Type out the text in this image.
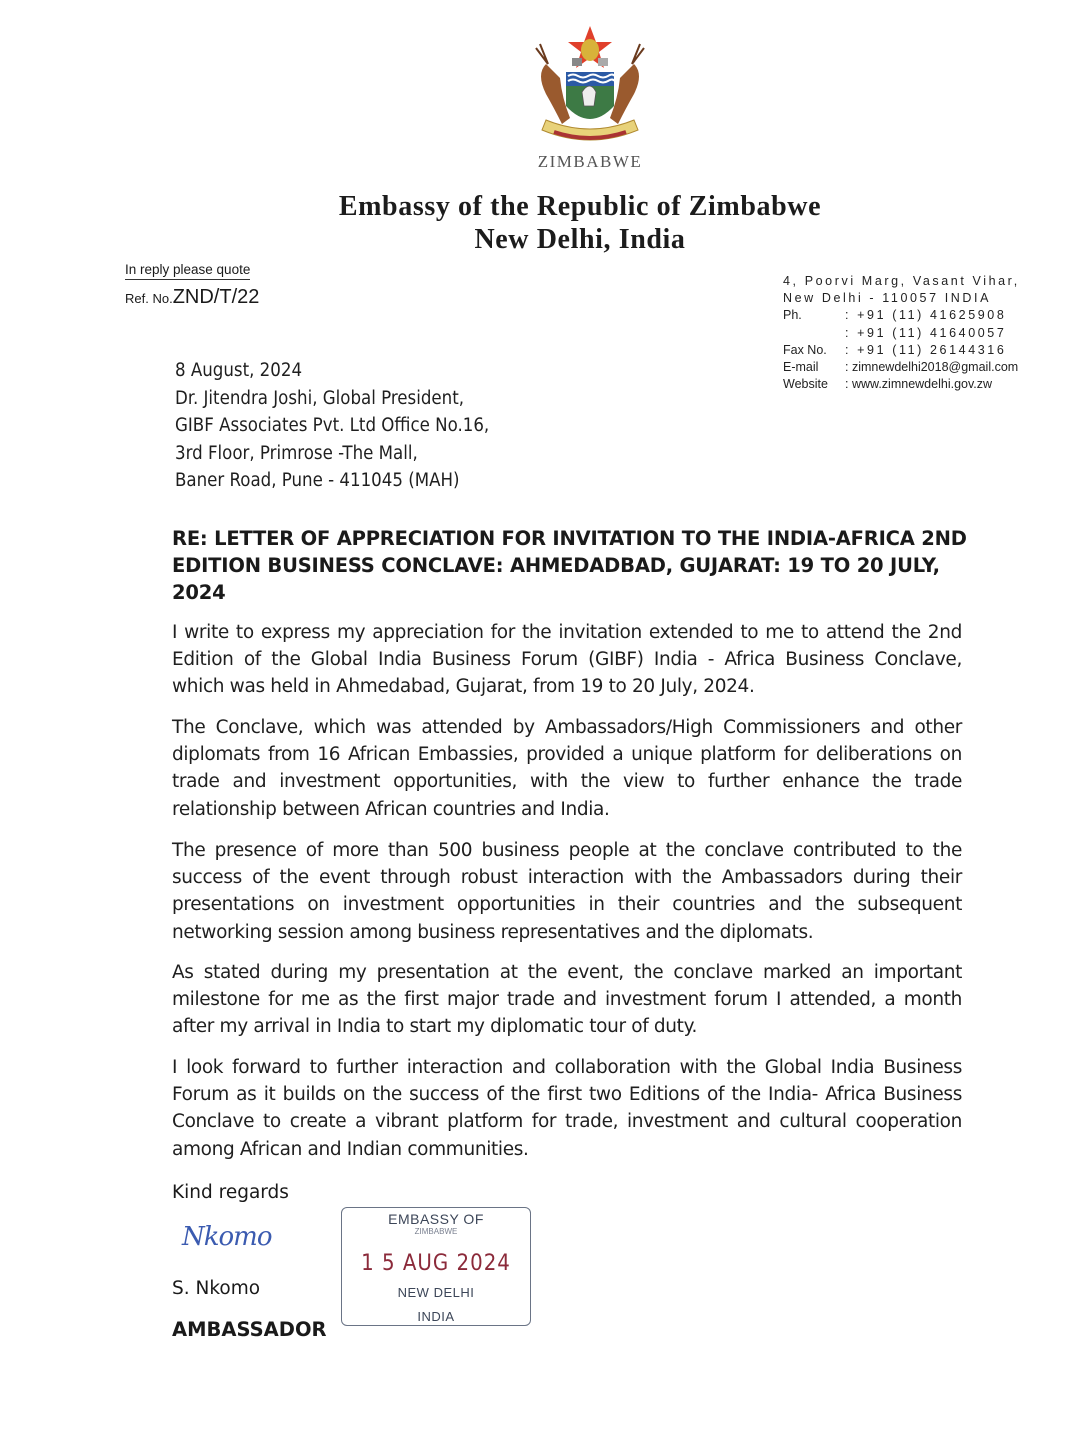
ZIMBABWE
Embassy of the Republic of Zimbabwe
New Delhi, India
In reply please quote
Ref. No.ZND/T/22
4, Poorvi Marg, Vasant Vihar,
New Delhi - 110057 INDIA
Ph.	: +91 (11) 41625908
: +91 (11) 41640057
Fax No.	: +91 (11) 26144316
E-mail	: zimnewdelhi2018@gmail.com
Website	: www.zimnewdelhi.gov.zw
8 August, 2024
Dr. Jitendra Joshi, Global President,
GIBF Associates Pvt. Ltd Office No.16,
3rd Floor, Primrose -The Mall,
Baner Road, Pune - 411045 (MAH)
RE: LETTER OF APPRECIATION FOR INVITATION TO THE INDIA-AFRICA 2ND EDITION BUSINESS CONCLAVE: AHMEDADBAD, GUJARAT: 19 TO 20 JULY, 2024
I write to express my appreciation for the invitation extended to me to attend the 2nd Edition of the Global India Business Forum (GIBF) India - Africa Business Conclave, which was held in Ahmedabad, Gujarat, from 19 to 20 July, 2024.
The Conclave, which was attended by Ambassadors/High Commissioners and other diplomats from 16 African Embassies, provided a unique platform for deliberations on trade and investment opportunities, with the view to further enhance the trade relationship between African countries and India.
The presence of more than 500 business people at the conclave contributed to the success of the event through robust interaction with the Ambassadors during their presentations on investment opportunities in their countries and the subsequent networking session among business representatives and the diplomats.
As stated during my presentation at the event, the conclave marked an important milestone for me as the first major trade and investment forum I attended, a month after my arrival in India to start my diplomatic tour of duty.
I look forward to further interaction and collaboration with the Global India Business Forum as it builds on the success of the first two Editions of the India- Africa Business Conclave to create a vibrant platform for trade, investment and cultural cooperation among African and Indian communities.
Kind regards
Nkomo
S. Nkomo
AMBASSADOR
EMBASSY OF
ZIMBABWE
1 5 AUG 2024
NEW DELHI
INDIA
